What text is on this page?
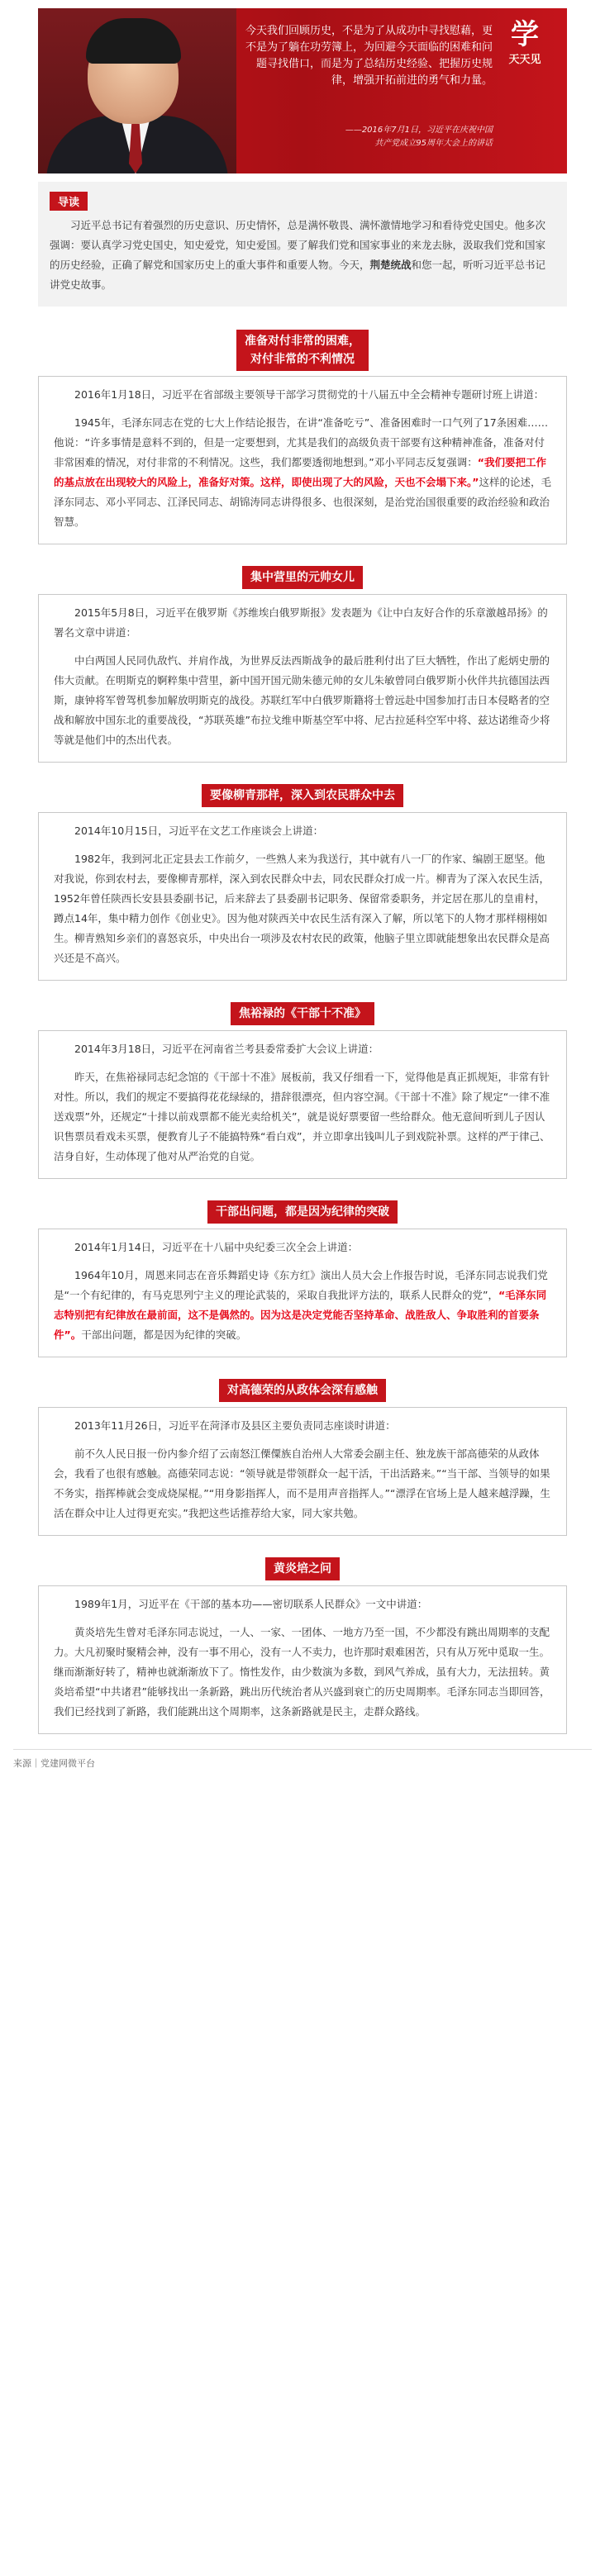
今天我们回顾历史，不是为了从成功中寻找慰藉，更不是为了躺在功劳簿上，为回避今天面临的困难和问题寻找借口，而是为了总结历史经验、把握历史规律，增强开拓前进的勇气和力量。
——2016年7月1日，习近平在庆祝中国
共产党成立95周年大会上的讲话
学
天天见
导读

习近平总书记有着强烈的历史意识、历史情怀，总是满怀敬畏、满怀激情地学习和看待党史国史。他多次强调：要认真学习党史国史，知史爱党，知史爱国。要了解我们党和国家事业的来龙去脉，汲取我们党和国家的历史经验，正确了解党和国家历史上的重大事件和重要人物。今天，荆楚统战和您一起，听听习近平总书记讲党史故事。

准备对付非常的困难，
对付非常的不利情况

2016年1月18日，习近平在省部级主要领导干部学习贯彻党的十八届五中全会精神专题研讨班上讲道：

1945年，毛泽东同志在党的七大上作结论报告，在讲“准备吃亏”、准备困难时一口气列了17条困难……他说：“许多事情是意料不到的，但是一定要想到，尤其是我们的高级负责干部要有这种精神准备，准备对付非常困难的情况，对付非常的不利情况。这些，我们都要透彻地想到。”邓小平同志反复强调：“我们要把工作的基点放在出现较大的风险上，准备好对策。这样，即使出现了大的风险，天也不会塌下来。”这样的论述，毛泽东同志、邓小平同志、江泽民同志、胡锦涛同志讲得很多、也很深刻，是治党治国很重要的政治经验和政治智慧。

集中营里的元帅女儿

2015年5月8日，习近平在俄罗斯《苏维埃白俄罗斯报》发表题为《让中白友好合作的乐章激越昂扬》的署名文章中讲道：

中白两国人民同仇敌忾、并肩作战，为世界反法西斯战争的最后胜利付出了巨大牺牲，作出了彪炳史册的伟大贡献。在明斯克的婀粹集中营里，新中国开国元勋朱德元帅的女儿朱敏曾同白俄罗斯小伙伴共抗德国法西斯，康钟将军曾驾机参加解放明斯克的战役。苏联红军中白俄罗斯籍将士曾远赴中国参加打击日本侵略者的空战和解放中国东北的重要战役，“苏联英雄”布拉戈维申斯基空军中将、尼古拉延科空军中将、兹达诺维奇少将等就是他们中的杰出代表。

要像柳青那样，深入到农民群众中去

2014年10月15日，习近平在文艺工作座谈会上讲道：

1982年，我到河北正定县去工作前夕，一些熟人来为我送行，其中就有八一厂的作家、编剧王愿坚。他对我说，你到农村去，要像柳青那样，深入到农民群众中去，同农民群众打成一片。柳青为了深入农民生活，1952年曾任陕西长安县县委副书记，后来辞去了县委副书记职务、保留常委职务，并定居在那儿的皇甫村，蹲点14年，集中精力创作《创业史》。因为他对陕西关中农民生活有深入了解，所以笔下的人物才那样栩栩如生。柳青熟知乡亲们的喜怒哀乐，中央出台一项涉及农村农民的政策，他脑子里立即就能想象出农民群众是高兴还是不高兴。

焦裕禄的《干部十不准》

2014年3月18日，习近平在河南省兰考县委常委扩大会议上讲道：

昨天，在焦裕禄同志纪念馆的《干部十不准》展板前，我又仔细看一下，觉得他是真正抓规矩，非常有针对性。所以，我们的规定不要搞得花花绿绿的，措辞很漂亮，但内容空洞。《干部十不准》除了规定“一律不准送戏票”外，还规定“十排以前戏票都不能光卖给机关”，就是说好票要留一些给群众。他无意间听到儿子因认识售票员看戏未买票，便教育儿子不能搞特殊“看白戏”，并立即拿出钱叫儿子到戏院补票。这样的严于律己、洁身自好，生动体现了他对从严治党的自觉。

干部出问题，都是因为纪律的突破

2014年1月14日，习近平在十八届中央纪委三次全会上讲道：

1964年10月，周恩来同志在音乐舞蹈史诗《东方红》演出人员大会上作报告时说，毛泽东同志说我们党是“一个有纪律的，有马克思列宁主义的理论武装的，采取自我批评方法的，联系人民群众的党”，“毛泽东同志特别把有纪律放在最前面，这不是偶然的。因为这是决定党能否坚持革命、战胜敌人、争取胜利的首要条件”。干部出问题，都是因为纪律的突破。

对高德荣的从政体会深有感触

2013年11月26日，习近平在菏泽市及县区主要负责同志座谈时讲道：

前不久人民日报一份内参介绍了云南怒江傈僳族自治州人大常委会副主任、独龙族干部高德荣的从政体会，我看了也很有感触。高德荣同志说：“领导就是带领群众一起干活，干出活路来。”“当干部、当领导的如果不务实，指挥棒就会变成烧屎棍。”“用身影指挥人，而不是用声音指挥人。”“漂浮在官场上是人越来越浮躁，生活在群众中让人过得更充实。”我把这些话推荐给大家，同大家共勉。

黄炎培之问

1989年1月，习近平在《干部的基本功——密切联系人民群众》一文中讲道：

黄炎培先生曾对毛泽东同志说过，一人、一家、一团体、一地方乃至一国，不少都没有跳出周期率的支配力。大凡初聚时聚精会神，没有一事不用心，没有一人不卖力，也许那时艰难困苦，只有从万死中觅取一生。继而渐渐好转了，精神也就渐渐放下了。惰性发作，由少数演为多数，到风气养成，虽有大力，无法扭转。黄炎培希望“中共诸君”能够找出一条新路，跳出历代统治者从兴盛到衰亡的历史周期率。毛泽东同志当即回答，我们已经找到了新路，我们能跳出这个周期率，这条新路就是民主，走群众路线。

来源｜党建网微平台
